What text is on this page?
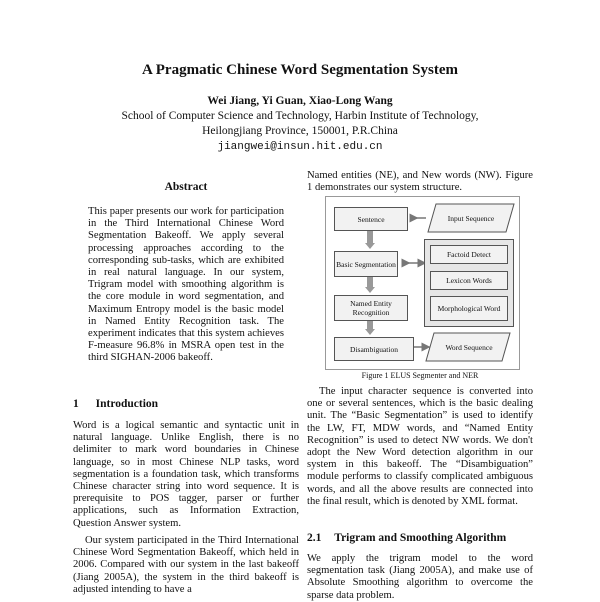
A Pragmatic Chinese Word Segmentation System
Wei Jiang, Yi Guan, Xiao-Long Wang
School of Computer Science and Technology, Harbin Institute of Technology,
Heilongjiang Province, 150001, P.R.China
jiangwei@insun.hit.edu.cn
Abstract
This paper presents our work for participation in the Third International Chinese Word Segmentation Bakeoff. We apply several processing approaches according to the corresponding sub-tasks, which are exhibited in real natural language. In our system, Trigram model with smoothing algorithm is the core module in word segmentation, and Maximum Entropy model is the basic model in Named Entity Recognition task. The experiment indicates that this system achieves F-measure 96.8% in MSRA open test in the third SIGHAN-2006 bakeoff.
1 Introduction
Word is a logical semantic and syntactic unit in natural language. Unlike English, there is no delimiter to mark word boundaries in Chinese language, so in most Chinese NLP tasks, word segmentation is a foundation task, which transforms Chinese character string into word sequence. It is prerequisite to POS tagger, parser or further applications, such as Information Extraction, Question Answer system.
Our system participated in the Third International Chinese Word Segmentation Bakeoff, which held in 2006. Compared with our system in the last bakeoff (Jiang 2005A), the system in the third bakeoff is adjusted intending to have a
Named entities (NE), and New words (NW). Figure 1 demonstrates our system structure.
Sentence	Input Sequence
Basic Segmentation
Factoid Detect
Lexicon Words
Morphological Word
Named Entity Recognition
Disambiguation	Word Sequence
Figure 1 ELUS Segmenter and NER
The input character sequence is converted into one or several sentences, which is the basic dealing unit. The “Basic Segmentation” is used to identify the LW, FT, MDW words, and “Named Entity Recognition” is used to detect NW words. We don't adopt the New Word detection algorithm in our system in this bakeoff. The “Disambiguation” module performs to classify complicated ambiguous words, and all the above results are connected into the final result, which is denoted by XML format.
2.1 Trigram and Smoothing Algorithm
We apply the trigram model to the word segmentation task (Jiang 2005A), and make use of Absolute Smoothing algorithm to overcome the sparse data problem.
